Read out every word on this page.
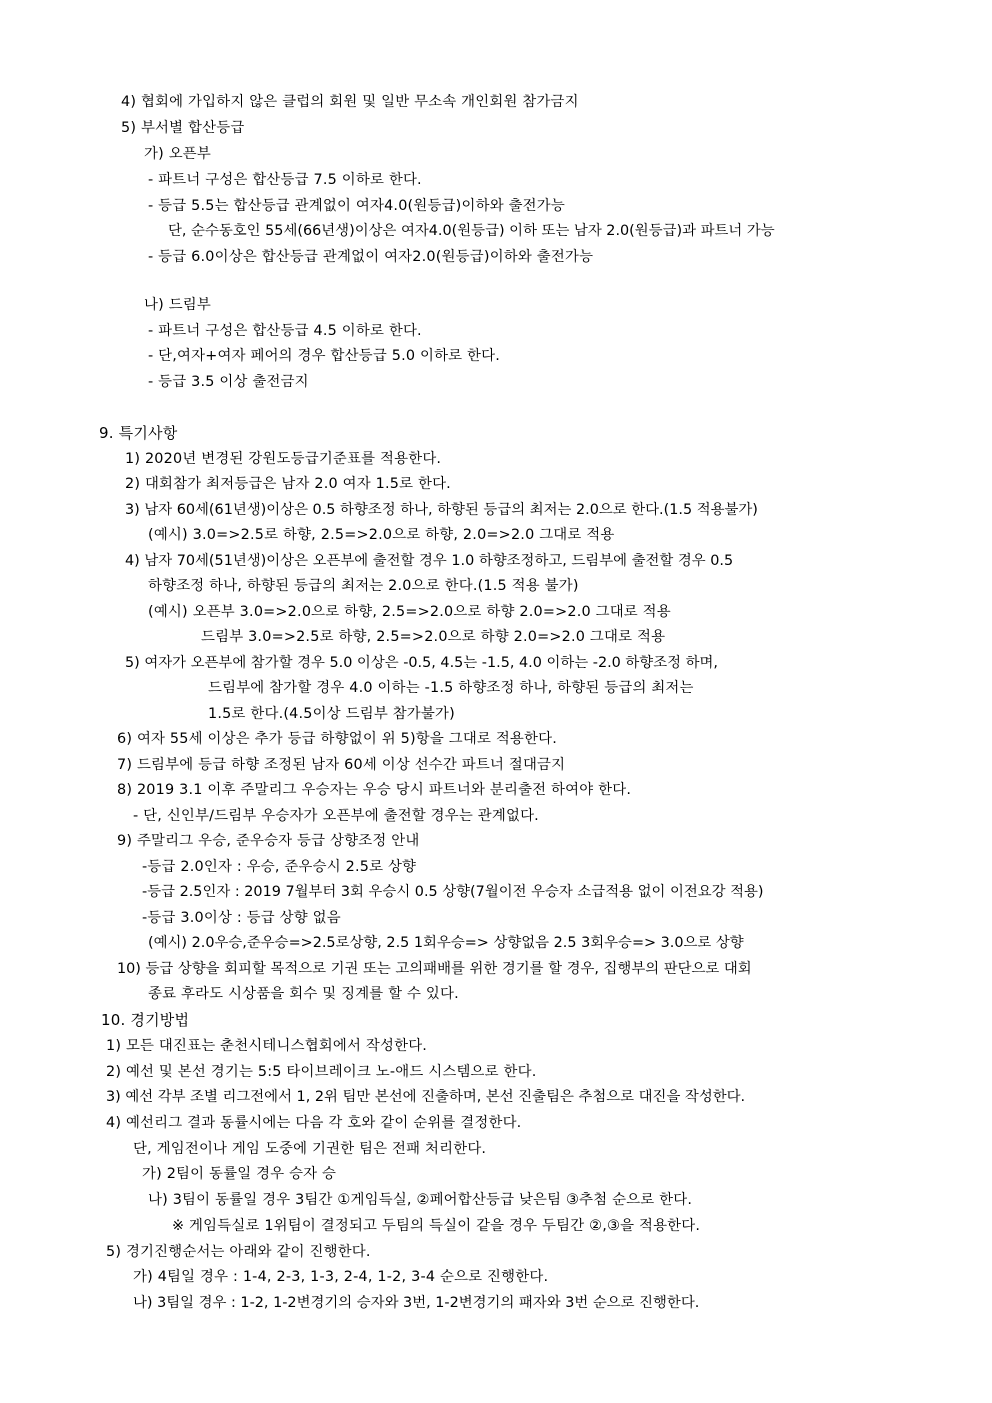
4) 협회에 가입하지 않은 클럽의 회원 및 일반 무소속 개인회원 참가금지
5) 부서별 합산등급
가) 오픈부
- 파트너 구성은 합산등급 7.5 이하로 한다.
- 등급 5.5는 합산등급 관계없이 여자4.0(원등급)이하와 출전가능
단, 순수동호인 55세(66년생)이상은 여자4.0(원등급) 이하 또는 남자 2.0(원등급)과 파트너 가능
- 등급 6.0이상은 합산등급 관계없이 여자2.0(원등급)이하와 출전가능
나) 드림부
- 파트너 구성은 합산등급 4.5 이하로 한다.
- 단,여자+여자 페어의 경우 합산등급 5.0 이하로 한다.
- 등급 3.5 이상 출전금지
9. 특기사항
1) 2020년 변경된 강원도등급기준표를 적용한다.
2) 대회참가 최저등급은 남자 2.0 여자 1.5로 한다.
3) 남자 60세(61년생)이상은 0.5 하향조정 하나, 하향된 등급의 최저는 2.0으로 한다.(1.5 적용불가)
(예시) 3.0=>2.5로 하향, 2.5=>2.0으로 하향, 2.0=>2.0 그대로 적용
4) 남자 70세(51년생)이상은 오픈부에 출전할 경우 1.0 하향조정하고, 드림부에 출전할 경우 0.5
하향조정 하나, 하향된 등급의 최저는 2.0으로 한다.(1.5 적용 불가)
(예시) 오픈부 3.0=>2.0으로 하향, 2.5=>2.0으로 하향 2.0=>2.0 그대로 적용
드림부 3.0=>2.5로 하향, 2.5=>2.0으로 하향 2.0=>2.0 그대로 적용
5) 여자가 오픈부에 참가할 경우 5.0 이상은 -0.5, 4.5는 -1.5, 4.0 이하는 -2.0 하향조정 하며,
드림부에 참가할 경우 4.0 이하는 -1.5 하향조정 하나, 하향된 등급의 최저는
1.5로 한다.(4.5이상 드림부 참가불가)
6) 여자 55세 이상은 추가 등급 하향없이 위 5)항을 그대로 적용한다.
7) 드림부에 등급 하향 조정된 남자 60세 이상 선수간 파트너 절대금지
8) 2019 3.1 이후 주말리그 우승자는 우승 당시 파트너와 분리출전 하여야 한다.
- 단, 신인부/드림부 우승자가 오픈부에 출전할 경우는 관계없다.
9) 주말리그 우승, 준우승자 등급 상향조정 안내
-등급 2.0인자 : 우승, 준우승시 2.5로 상향
-등급 2.5인자 : 2019 7월부터 3회 우승시 0.5 상향(7월이전 우승자 소급적용 없이 이전요강 적용)
-등급 3.0이상 : 등급 상향 없음
(예시) 2.0우승,준우승=>2.5로상향, 2.5 1회우승=> 상향없음 2.5 3회우승=> 3.0으로 상향
10) 등급 상향을 회피할 목적으로 기권 또는 고의패배를 위한 경기를 할 경우, 집행부의 판단으로 대회
종료 후라도 시상품을 회수 및 징계를 할 수 있다.
10. 경기방법
1) 모든 대진표는 춘천시테니스협회에서 작성한다.
2) 예선 및 본선 경기는 5:5 타이브레이크 노-애드 시스템으로 한다.
3) 예선 각부 조별 리그전에서 1, 2위 팀만 본선에 진출하며, 본선 진출팀은 추첨으로 대진을 작성한다.
4) 예선리그 결과 동률시에는 다음 각 호와 같이 순위를 결정한다.
단, 게임전이나 게임 도중에 기권한 팀은 전패 처리한다.
가) 2팀이 동률일 경우 승자 승
나) 3팀이 동률일 경우 3팀간 ①게임득실, ②페어합산등급 낮은팀 ③추첨 순으로 한다.
※ 게임득실로 1위팀이 결정되고 두팀의 득실이 같을 경우 두팀간 ②,③을 적용한다.
5) 경기진행순서는 아래와 같이 진행한다.
가) 4팀일 경우 : 1-4, 2-3, 1-3, 2-4, 1-2, 3-4 순으로 진행한다.
나) 3팀일 경우 : 1-2, 1-2변경기의 승자와 3번, 1-2변경기의 패자와 3번 순으로 진행한다.
